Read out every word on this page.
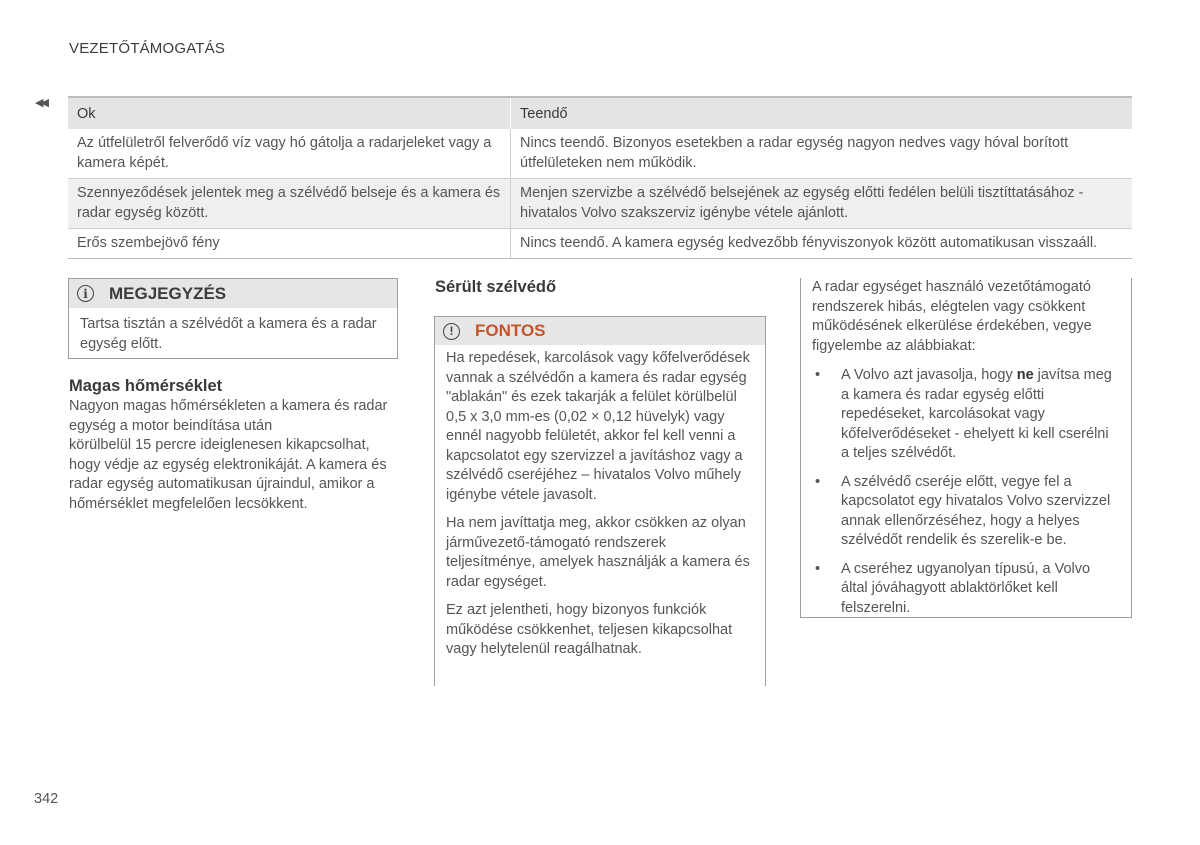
VEZETŐTÁMOGATÁS
◀◀
Ok	Teendő
Az útfelületről felverődő víz vagy hó gátolja a radarjeleket vagy a kamera képét.	Nincs teendő. Bizonyos esetekben a radar egység nagyon nedves vagy hóval borított útfelületeken nem működik.
Szennyeződések jelentek meg a szélvédő belseje és a kamera és radar egység között.	Menjen szervizbe a szélvédő belsejének az egység előtti fedélen belüli tisztíttatásához - hivatalos Volvo szakszerviz igénybe vétele ajánlott.
Erős szembejövő fény	Nincs teendő. A kamera egység kedvezőbb fényviszonyok között automatikusan visszaáll.
i	MEGJEGYZÉS
Tartsa tisztán a szélvédőt a kamera és a radar egység előtt.
Magas hőmérséklet
Nagyon magas hőmérsékleten a kamera és radar
egység a motor beindítása után
körülbelül 15 percre ideiglenesen kikapcsolhat,
hogy védje az egység elektronikáját. A kamera és
radar egység automatikusan újraindul, amikor a
hőmérséklet megfelelően lecsökkent.
Sérült szélvédő
!	FONTOS

Ha repedések, karcolások vagy kőfelverődések vannak a szélvédőn a kamera és radar egység "ablakán" és ezek takarják a felület körülbelül 0,5 x 3,0 mm-es (0,02 × 0,12 hüvelyk) vagy ennél nagyobb felületét, akkor fel kell venni a kapcsolatot egy szervizzel a javításhoz vagy a szélvédő cseréjéhez – hivatalos Volvo műhely igénybe vétele javasolt.

Ha nem javíttatja meg, akkor csökken az olyan járművezető-támogató rendszerek teljesítménye, amelyek használják a kamera és radar egységet.

Ez azt jelentheti, hogy bizonyos funkciók működése csökkenhet, teljesen kikapcsolhat vagy helytelenül reagálhatnak.

A radar egységet használó vezetőtámogató rendszerek hibás, elégtelen vagy csökkent működésének elkerülése érdekében, vegye figyelembe az alábbiakat:
• A Volvo azt javasolja, hogy ne javítsa meg a kamera és radar egység előtti repedéseket, karcolásokat vagy kőfelverődéseket - ehelyett ki kell cserélni a teljes szélvédőt.
• A szélvédő cseréje előtt, vegye fel a kapcsolatot egy hivatalos Volvo szervizzel annak ellenőrzéséhez, hogy a helyes szélvédőt rendelik és szerelik-e be.
• A cseréhez ugyanolyan típusú, a Volvo által jóváhagyott ablaktörlőket kell felszerelni.
342
